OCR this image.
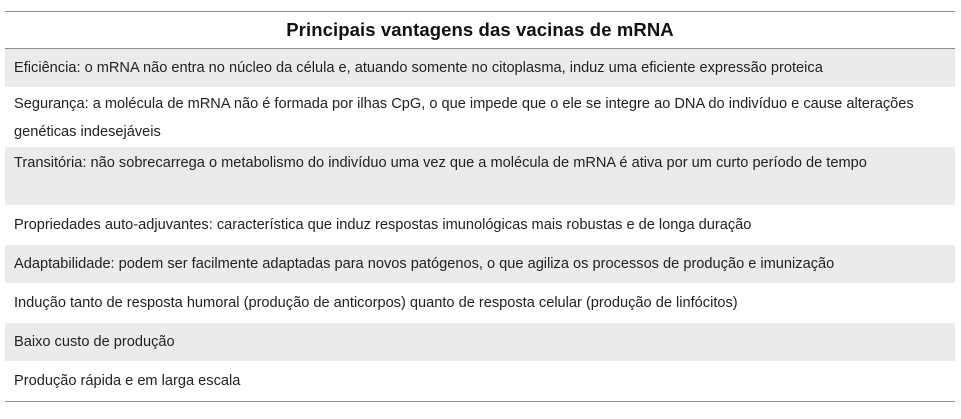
Principais vantagens das vacinas de mRNA
Eficiência: o mRNA não entra no núcleo da célula e, atuando somente no citoplasma, induz uma eficiente expressão proteica
Segurança: a molécula de mRNA não é formada por ilhas CpG, o que impede que o ele se integre ao DNA do indivíduo e cause alterações genéticas indesejáveis
Transitória: não sobrecarrega o metabolismo do indivíduo uma vez que a molécula de mRNA é ativa por um curto período de tempo
Propriedades auto-adjuvantes: característica que induz respostas imunológicas mais robustas e de longa duração
Adaptabilidade: podem ser facilmente adaptadas para novos patógenos, o que agiliza os processos de produção e imunização
Indução tanto de resposta humoral (produção de anticorpos) quanto de resposta celular (produção de linfócitos)
Baixo custo de produção
Produção rápida e em larga escala
